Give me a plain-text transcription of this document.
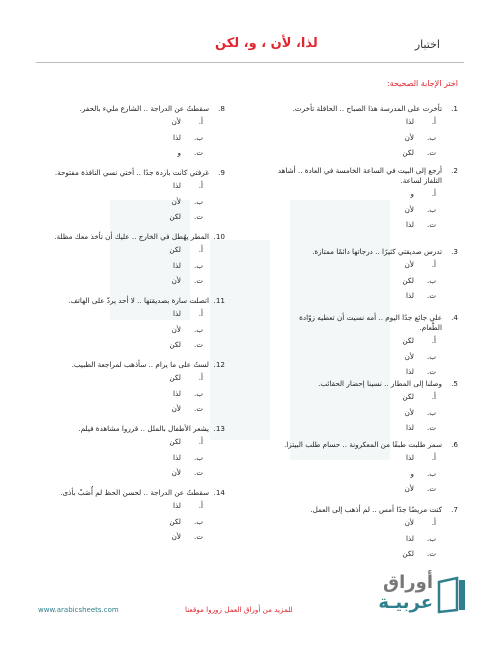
اختبار
لذا، لأن ، و، لكن
اختر الإجابة الصحيحة:
1.
تأخرت على المدرسة هذا الصباح .. الحافلة تأخرت.
أ.لذا
ب.لأن
ت.لكن
2.
أرجع إلى البيت في الساعة الخامسة في العادة .. أشاهد التلفاز لساعة.
أ.و
ب.لأن
ت.لذا
3.
تدرس صديقتي كثيرًا .. درجاتها دائمًا ممتازة.
أ.لأن
ب.لكن
ت.لذا
4.
علي جائع جدًا اليوم .. أمه نسيت أن تعطيه زوّادة الطّعام.
أ.لكن
ب.لأن
ت.لذا
5.
وصلنا إلى المطار .. نسينا إحضار الحقائب.
أ.لكن
ب.لأن
ت.لذا
6.
سمر طلبت طبقًا من المعكرونة .. حسام طلب البيتزا.
أ.لذا
ب.و
ت.لأن
7.
كنت مريضًا جدًا أمس .. لم أذهب إلى العمل.
أ.لأن
ب.لذا
ت.لكن
8.
سقطتُ عن الدراجة .. الشارع مليء بالحفر.
أ.لأن
ب.لذا
ت.و
9.
غرفتي كانت باردة جدًا .. أختي نسي النافذة مفتوحة.
أ.لذا
ب.لأن
ت.لكن
10.
المطر يهُطل في الخارج .. عليك أن تأخذ معك مظلة.
أ.لكن
ب.لذا
ت.لأن
11.
اتصلت سارة بصديقتها .. لا أحد يردّ على الهاتف.
أ.لذا
ب.لأن
ت.لكن
12.
لستُ على ما يرام .. سأذهب لمراجعة الطبيب.
أ.لكن
ب.لذا
ت.لأن
13.
يشعر الأطفال بالملل .. قرروا مشاهدة فيلم.
أ.لكن
ب.لذا
ت.لأن
14.
سقطتُ عن الدراجة .. لحسن الحظ لم أُصَبْ بأذى.
أ.لذا
ب.لكن
ت.لأن
أوراق
عربيـة
www.arabicsheets.com	للمزيد من أوراق العمل زوروا موقعنا
